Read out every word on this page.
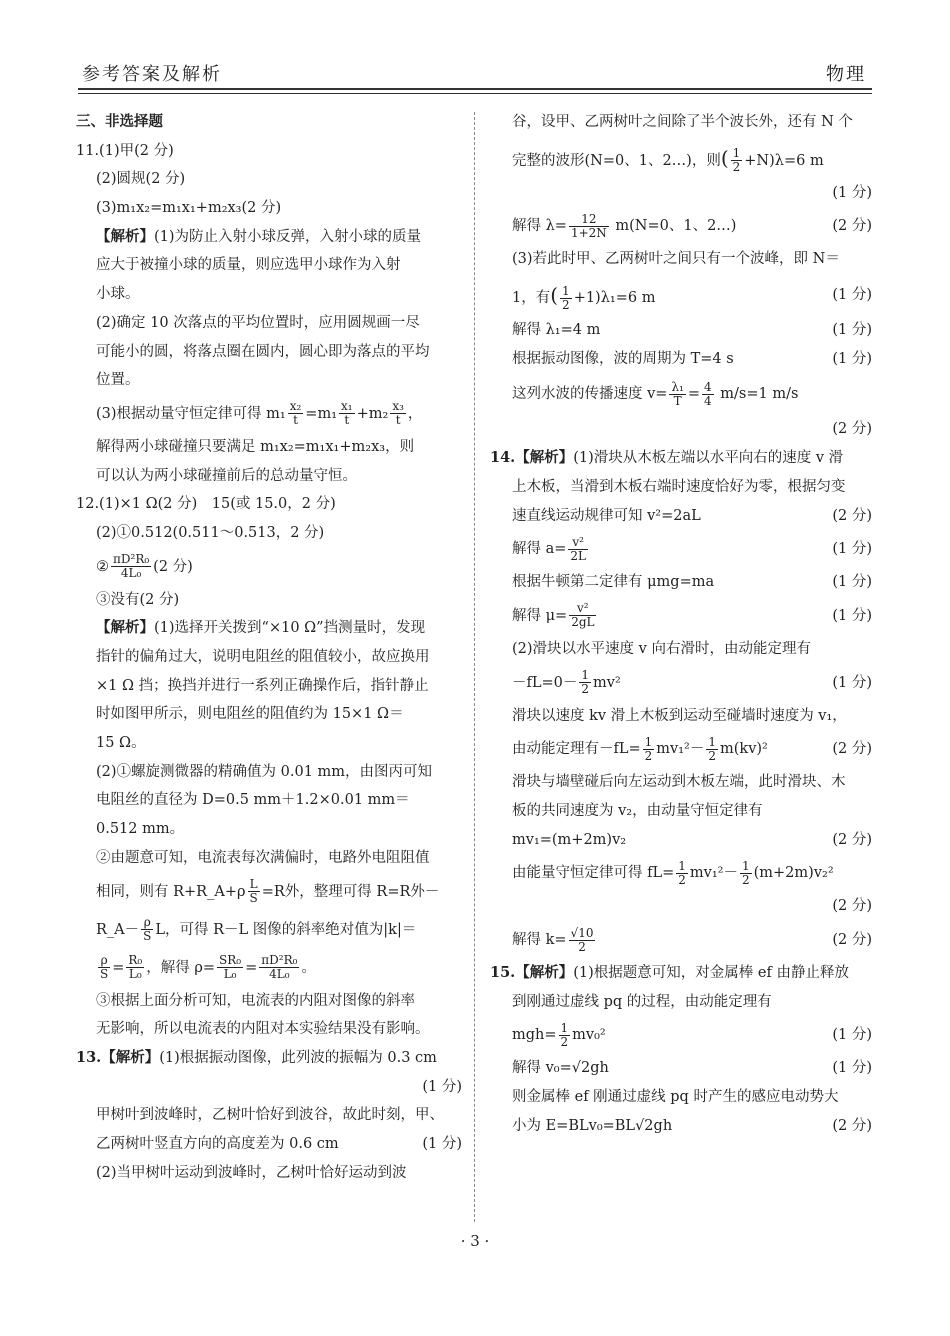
参考答案及解析	物理
三、非选择题
11.(1)甲(2 分)
(2)圆规(2 分)
(3)m₁x₂=m₁x₁+m₂x₃(2 分)
【解析】(1)为防止入射小球反弹，入射小球的质量
应大于被撞小球的质量，则应选甲小球作为入射
小球。
(2)确定 10 次落点的平均位置时，应用圆规画一尽
可能小的圆，将落点圈在圆内，圆心即为落点的平均
位置。
(3)根据动量守恒定律可得 $m_1 \frac{\text{x₂}}{t} =m_1 \frac{\text{x₁}}{t} +m_2 \frac{\text{x₃}}{t}$ ，
解得两小球碰撞只要满足 m₁x₂=m₁x₁+m₂x₃，则
可以认为两小球碰撞前后的总动量守恒。
12.(1)×1 Ω(2 分)　15(或 15.0，2 分)
(2)①0.512(0.511～0.513，2 分)
② $\frac{\text{πD²R₀}}{\text{4L₀}} (2$ 分)
③没有(2 分)
【解析】(1)选择开关拨到“×10 Ω”挡测量时，发现
指针的偏角过大，说明电阻丝的阻值较小，故应换用
×1 Ω 挡；换挡并进行一系列正确操作后，指针静止
时如图甲所示，则电阻丝的阻值约为 15×1 Ω＝
15 Ω。
(2)①螺旋测微器的精确值为 0.01 mm，由图丙可知
电阻丝的直径为 D=0.5 mm＋1.2×0.01 mm＝
0.512 mm。
②由题意可知，电流表每次满偏时，电路外电阻阻值
相同，则有 R+R_A+ρ $\frac{L}{S} =R$外，整理可得 R=R外－
R_A－ $\frac{\rho}{S}$ L，可得 R－L 图像的斜率绝对值为|k|＝
$\frac{\rho}{S} = \frac{\text{R₀}}{\text{L₀}}$ ，解得 $\rho= \frac{\text{SR₀}}{\text{L₀}} = \frac{\text{πD²R₀}}{\text{4L₀}}$ 。
③根据上面分析可知，电流表的内阻对图像的斜率
无影响，所以电流表的内阻对本实验结果没有影响。
13.【解析】(1)根据振动图像，此列波的振幅为 0.3 cm
(1 分)
甲树叶到波峰时，乙树叶恰好到波谷，故此时刻，甲、
乙两树叶竖直方向的高度差为 0.6 cm	(1 分)
(2)当甲树叶运动到波峰时，乙树叶恰好运动到波
谷，设甲、乙两树叶之间除了半个波长外，还有 N 个
完整的波形(N=0、1、2…)，则( $\frac{1}{2} +N)\lambda=6$ m
(1 分)
解得 $\lambda= \frac{12}{1+2N} m(N=0$、1、2…)	(2 分)
(3)若此时甲、乙两树叶之间只有一个波峰，即 N＝
1，有( $\frac{1}{2} +1)\lambda_1=6$ m	(1 分)
解得 λ₁=4 m	(1 分)
根据振动图像，波的周期为 T=4 s	(1 分)
这列水波的传播速度 $v= \frac{\text{λ₁}}{T} = \frac{4}{4} m/s=1$ m/s
(2 分)
14.【解析】(1)滑块从木板左端以水平向右的速度 v 滑
上木板，当滑到木板右端时速度恰好为零，根据匀变
速直线运动规律可知 v²=2aL	(2 分)
解得 $a= \frac{\text{v²}}{2L}$	(1 分)
根据牛顿第二定律有 μmg=ma	(1 分)
解得 $\mu= \frac{\text{v²}}{2gL}$	(1 分)
(2)滑块以水平速度 v 向右滑时，由动能定理有
$-fL=0- \frac{1}{2} mv^2$	(1 分)
滑块以速度 kv 滑上木板到运动至碰墙时速度为 v₁，
由动能定理有$-fL= \frac{1}{2} mv_1^2- \frac{1}{2} m(kv)^2$	(2 分)
滑块与墙壁碰后向左运动到木板左端，此时滑块、木
板的共同速度为 v₂，由动量守恒定律有
mv₁=(m+2m)v₂	(2 分)
由能量守恒定律可得 $fL= \frac{1}{2} mv_1^2- \frac{1}{2} (m+2m)v_2^2$
(2 分)
解得 $k= \frac{√10}{2}$	(2 分)
15.【解析】(1)根据题意可知，对金属棒 ef 由静止释放
到刚通过虚线 pq 的过程，由动能定理有
$mgh= \frac{1}{2} mv_0^2$	(1 分)
解得 v₀=√2gh	(1 分)
则金属棒 ef 刚通过虚线 pq 时产生的感应电动势大
小为 E=BLv₀=BL√2gh	(2 分)
· 3 ·
